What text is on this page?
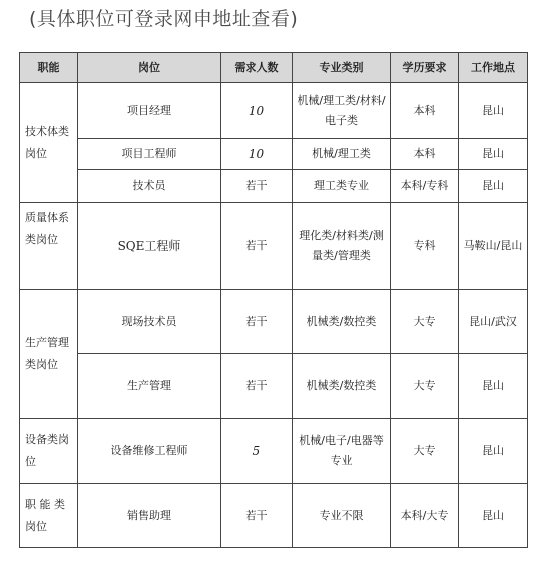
(具体职位可登录网申地址查看)
职能	岗位	需求人数	专业类别	学历要求	工作地点
技术体类岗位	项目经理	10	机械/理工类/材料/电子类	本科	昆山
	项目工程师	10	机械/理工类	本科	昆山
	技术员	若干	理工类专业	本科/专科	昆山
质量体系类岗位	SQE工程师	若干	理化类/材料类/测量类/管理类	专科	马鞍山/昆山
生产管理类岗位	现场技术员	若干	机械类/数控类	大专	昆山/武汉
	生产管理	若干	机械类/数控类	大专	昆山
设备类岗位	设备维修工程师	5	机械/电子/电器等专业	大专	昆山
职 能 类 岗位	销售助理	若干	专业不限	本科/大专	昆山
